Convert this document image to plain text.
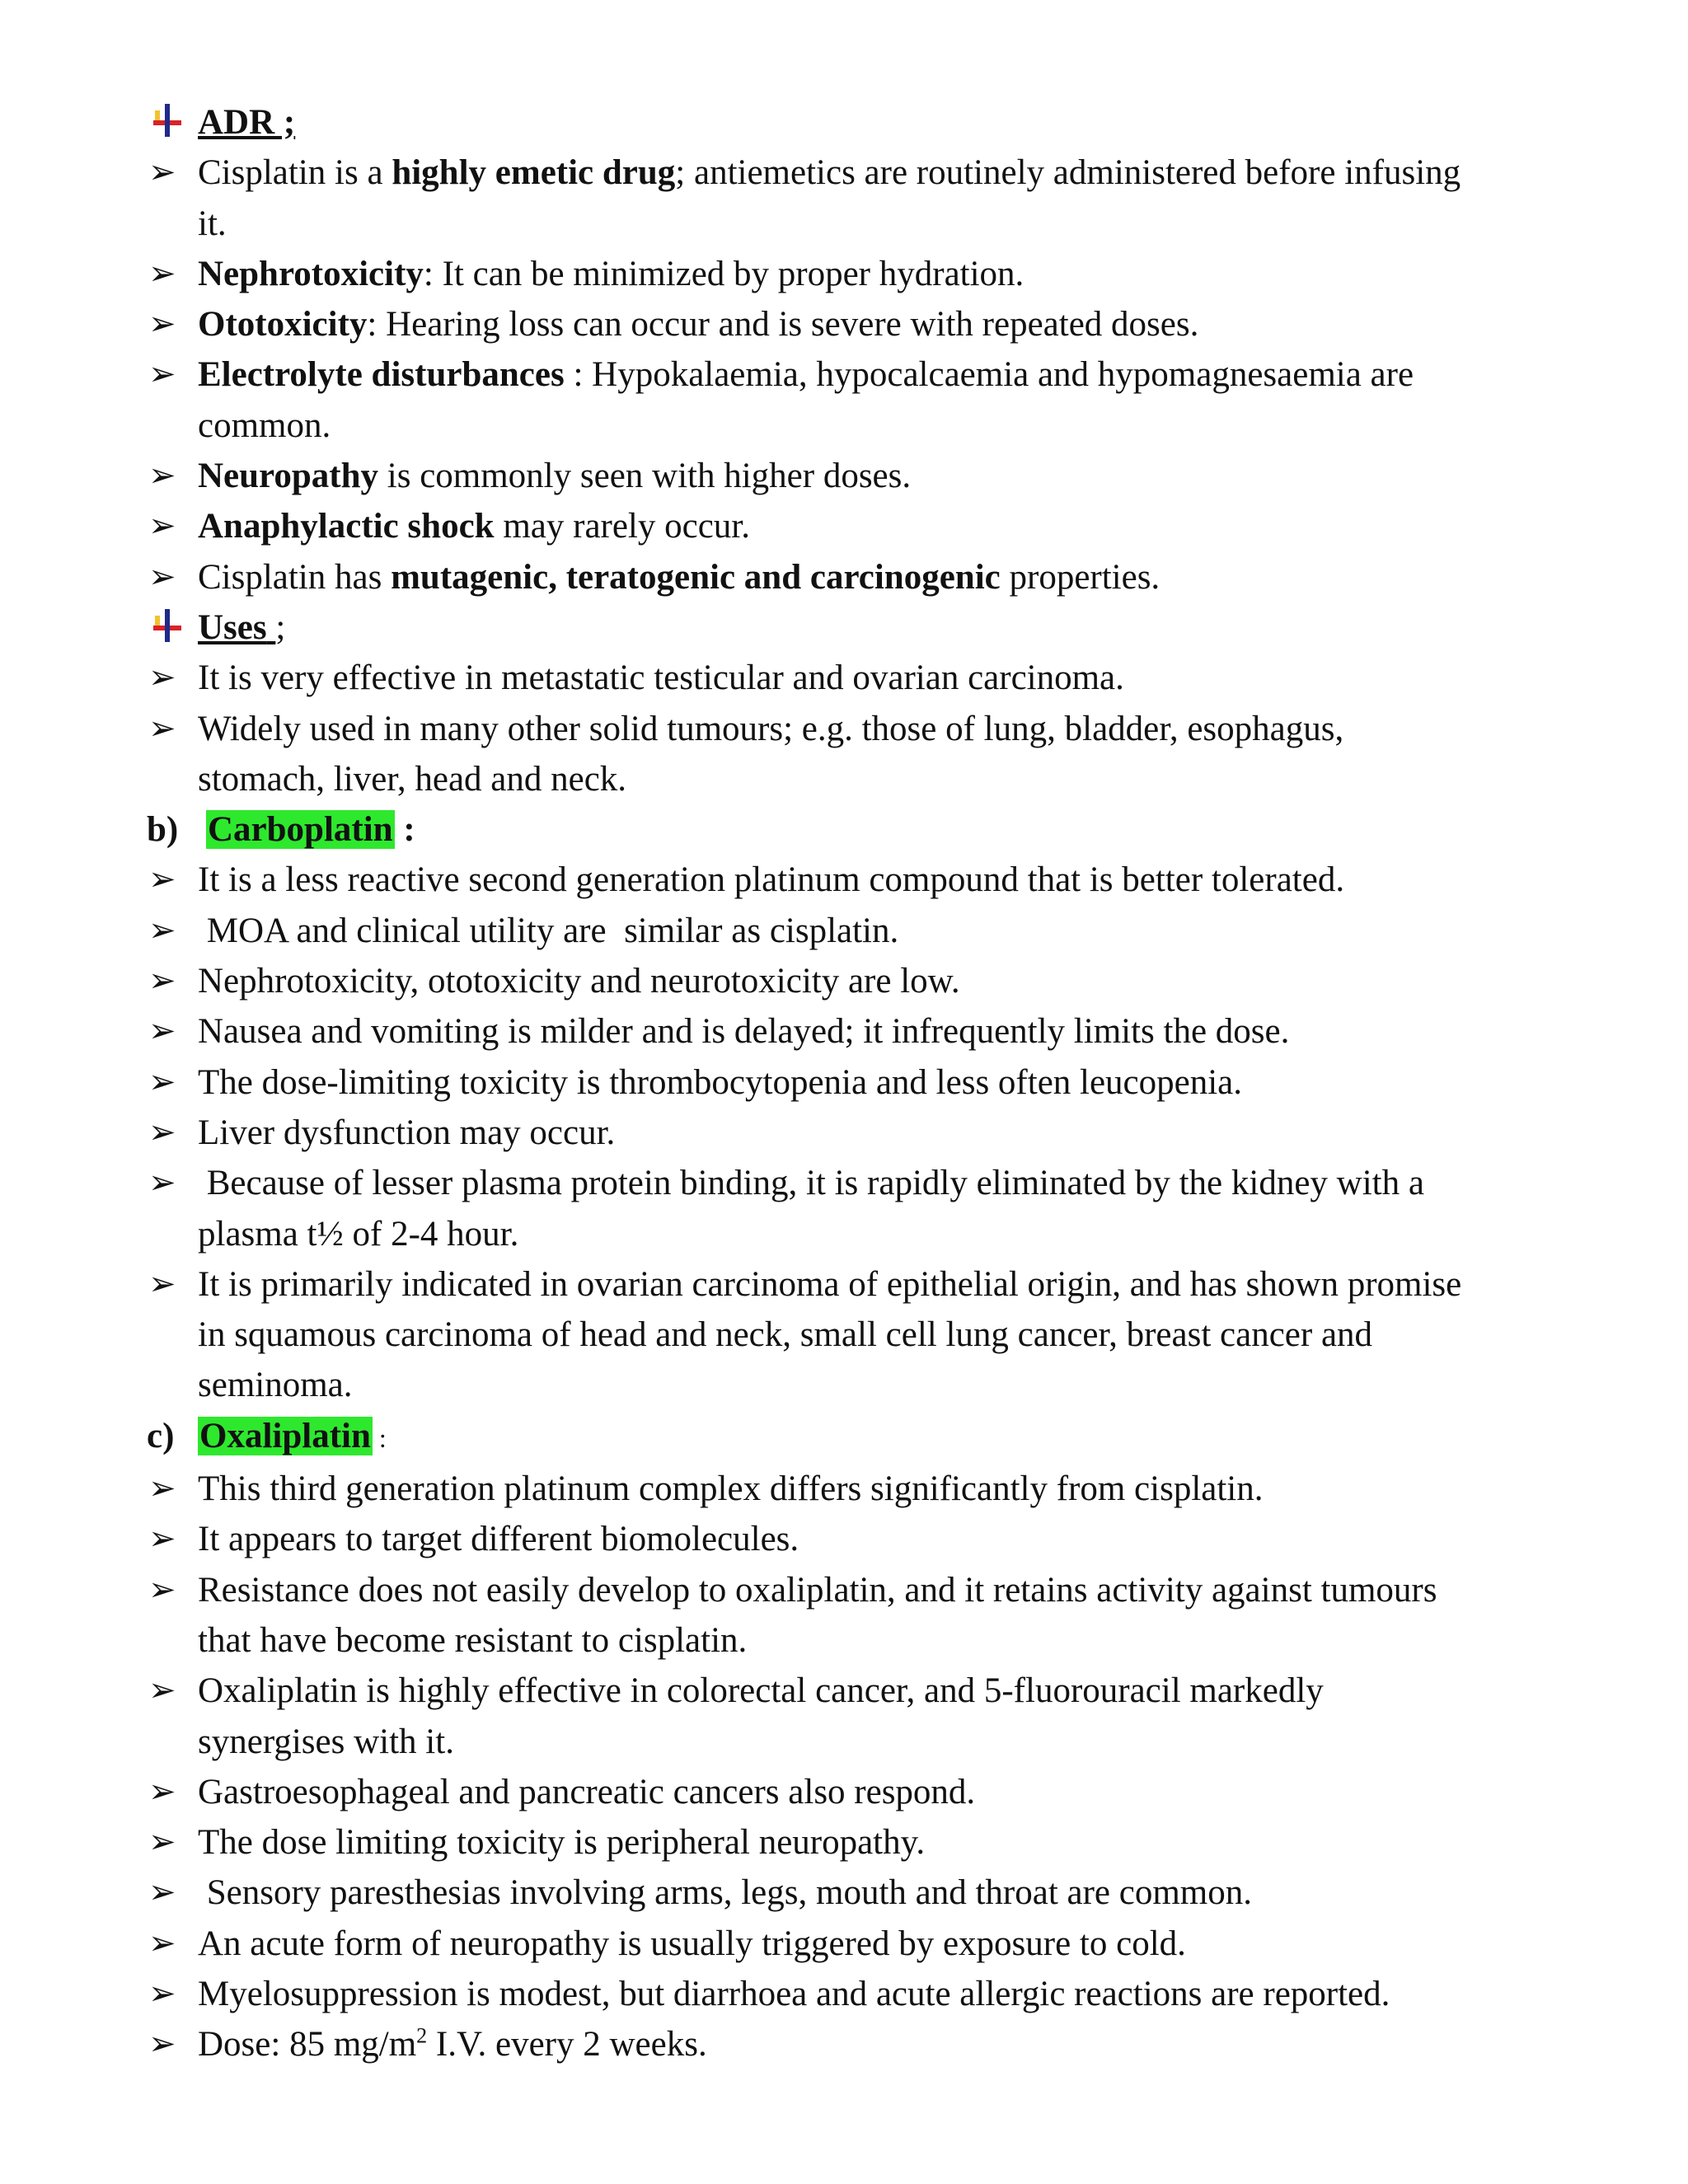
ADR ;
➢ Cisplatin is a highly emetic drug; antiemetics are routinely administered before infusing
it.
➢ Nephrotoxicity: It can be minimized by proper hydration.
➢ Ototoxicity: Hearing loss can occur and is severe with repeated doses.
➢ Electrolyte disturbances : Hypokalaemia, hypocalcaemia and hypomagnesaemia are
common.
➢ Neuropathy is commonly seen with higher doses.
➢ Anaphylactic shock may rarely occur.
➢ Cisplatin has mutagenic, teratogenic and carcinogenic properties.
Uses ;
➢ It is very effective in metastatic testicular and ovarian carcinoma.
➢ Widely used in many other solid tumours; e.g. those of lung, bladder, esophagus,
stomach, liver, head and neck.
b) Carboplatin :
➢ It is a less reactive second generation platinum compound that is better tolerated.
➢ MOA and clinical utility are  similar as cisplatin.
➢ Nephrotoxicity, ototoxicity and neurotoxicity are low.
➢ Nausea and vomiting is milder and is delayed; it infrequently limits the dose.
➢ The dose-limiting toxicity is thrombocytopenia and less often leucopenia.
➢ Liver dysfunction may occur.
➢ Because of lesser plasma protein binding, it is rapidly eliminated by the kidney with a
plasma t½ of 2-4 hour.
➢ It is primarily indicated in ovarian carcinoma of epithelial origin, and has shown promise
in squamous carcinoma of head and neck, small cell lung cancer, breast cancer and
seminoma.
c) Oxaliplatin :
➢ This third generation platinum complex differs significantly from cisplatin.
➢ It appears to target different biomolecules.
➢ Resistance does not easily develop to oxaliplatin, and it retains activity against tumours
that have become resistant to cisplatin.
➢ Oxaliplatin is highly effective in colorectal cancer, and 5-fluorouracil markedly
synergises with it.
➢ Gastroesophageal and pancreatic cancers also respond.
➢ The dose limiting toxicity is peripheral neuropathy.
➢ Sensory paresthesias involving arms, legs, mouth and throat are common.
➢ An acute form of neuropathy is usually triggered by exposure to cold.
➢ Myelosuppression is modest, but diarrhoea and acute allergic reactions are reported.
➢ Dose: 85 $mg/m^2$ I.V. every 2 weeks.
